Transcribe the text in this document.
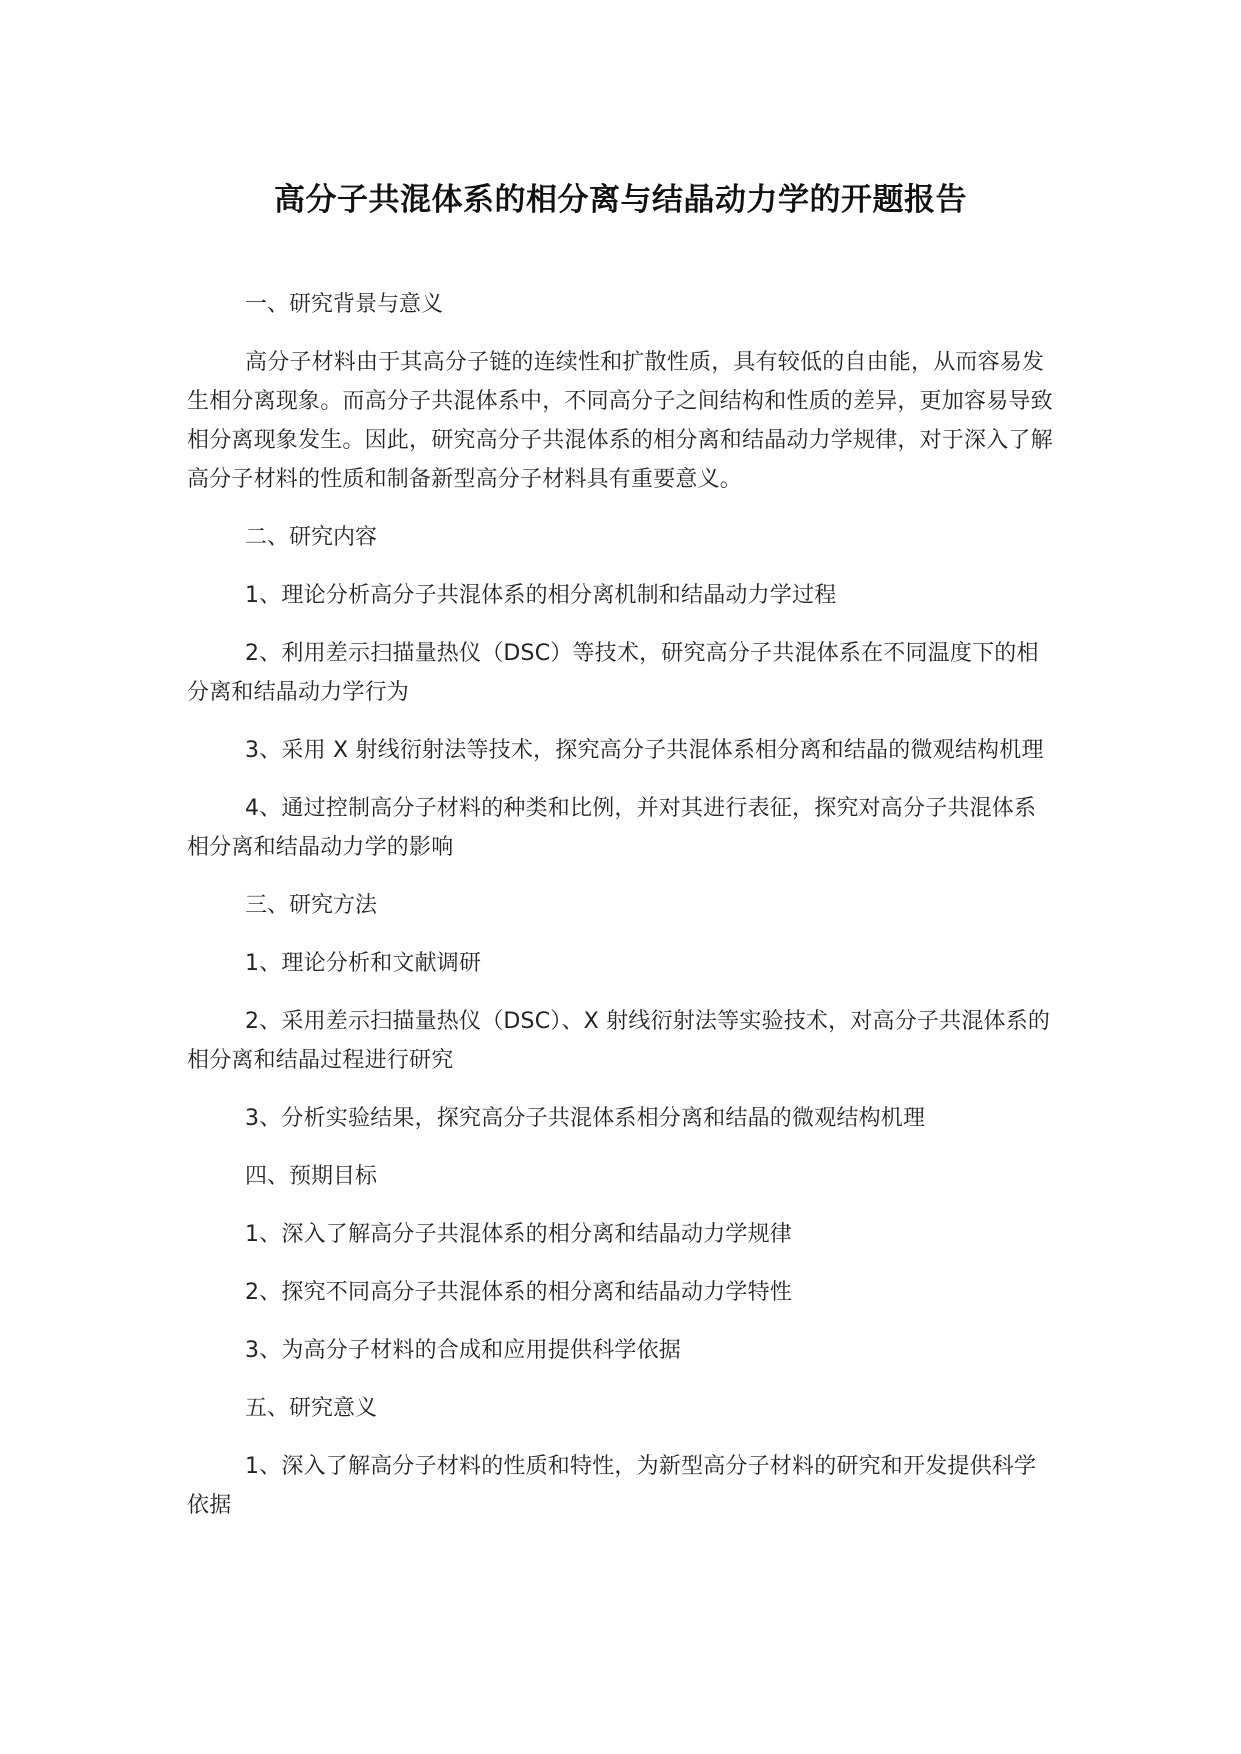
高分子共混体系的相分离与结晶动力学的开题报告

一、研究背景与意义

高分子材料由于其高分子链的连续性和扩散性质，具有较低的自由能，从而容易发生相分离现象。而高分子共混体系中，不同高分子之间结构和性质的差异，更加容易导致相分离现象发生。因此，研究高分子共混体系的相分离和结晶动力学规律，对于深入了解高分子材料的性质和制备新型高分子材料具有重要意义。

二、研究内容

1、理论分析高分子共混体系的相分离机制和结晶动力学过程

2、利用差示扫描量热仪（DSC）等技术，研究高分子共混体系在不同温度下的相分离和结晶动力学行为

3、采用 X 射线衍射法等技术，探究高分子共混体系相分离和结晶的微观结构机理

4、通过控制高分子材料的种类和比例，并对其进行表征，探究对高分子共混体系相分离和结晶动力学的影响

三、研究方法

1、理论分析和文献调研

2、采用差示扫描量热仪（DSC）、X 射线衍射法等实验技术，对高分子共混体系的相分离和结晶过程进行研究

3、分析实验结果，探究高分子共混体系相分离和结晶的微观结构机理

四、预期目标

1、深入了解高分子共混体系的相分离和结晶动力学规律

2、探究不同高分子共混体系的相分离和结晶动力学特性

3、为高分子材料的合成和应用提供科学依据

五、研究意义

1、深入了解高分子材料的性质和特性，为新型高分子材料的研究和开发提供科学依据
